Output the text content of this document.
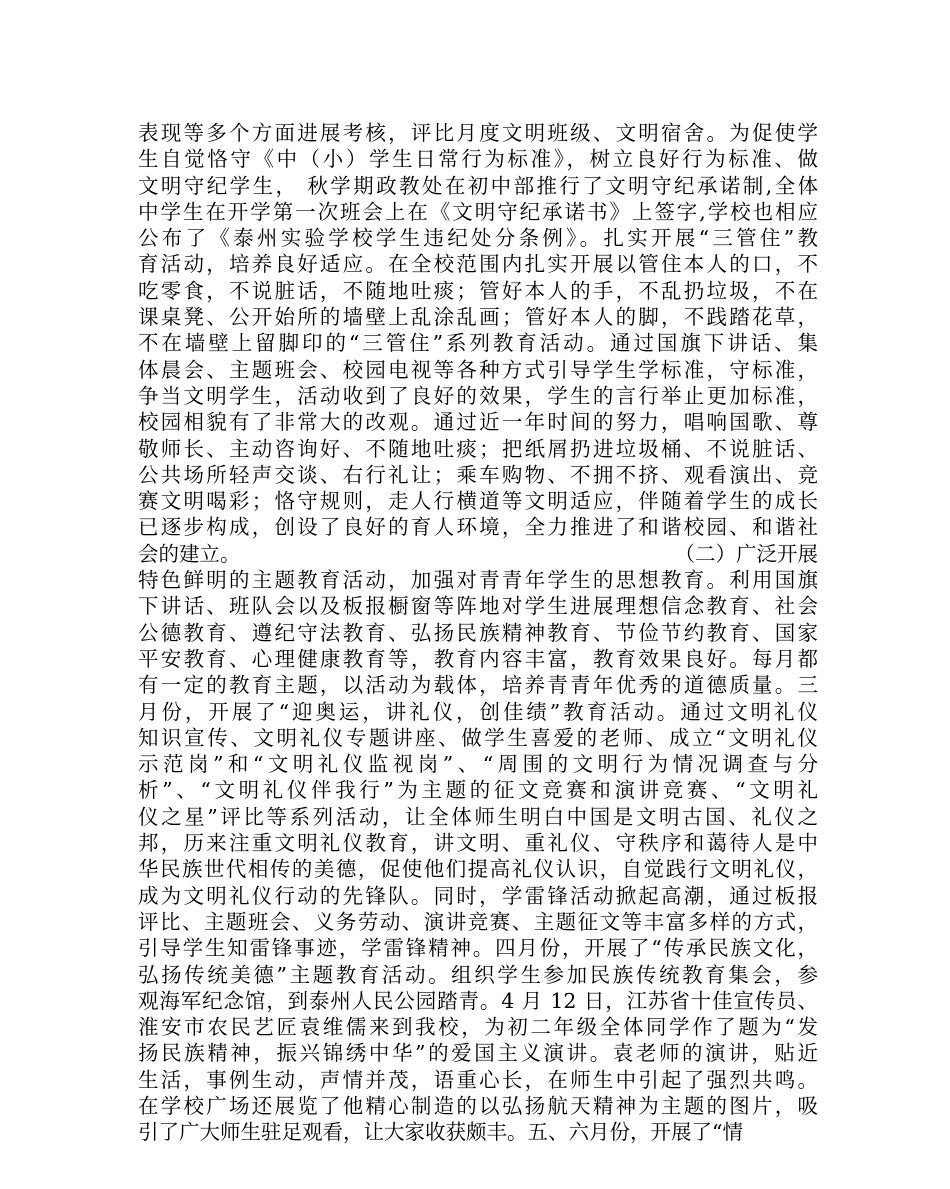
表现等多个方面进展考核，评比月度文明班级、文明宿舍。为促使学
生自觉恪守《中（小）学生日常行为标准》，树立良好行为标准、做
文明守纪学生， 秋学期政教处在初中部推行了文明守纪承诺制,全体
中学生在开学第一次班会上在《文明守纪承诺书》上签字,学校也相应
公布了《泰州实验学校学生违纪处分条例》。扎实开展“三管住”教
育活动，培养良好适应。在全校范围内扎实开展以管住本人的口，不
吃零食，不说脏话，不随地吐痰；管好本人的手，不乱扔垃圾，不在
课桌凳、公开始所的墙壁上乱涂乱画；管好本人的脚，不践踏花草，
不在墙壁上留脚印的“三管住”系列教育活动。通过国旗下讲话、集
体晨会、主题班会、校园电视等各种方式引导学生学标准，守标准，
争当文明学生，活动收到了良好的效果，学生的言行举止更加标准，
校园相貌有了非常大的改观。通过近一年时间的努力，唱响国歌、尊
敬师长、主动咨询好、不随地吐痰；把纸屑扔进垃圾桶、不说脏话、
公共场所轻声交谈、右行礼让；乘车购物、不拥不挤、观看演出、竞
赛文明喝彩；恪守规则，走人行横道等文明适应，伴随着学生的成长
已逐步构成，创设了良好的育人环境，全力推进了和谐校园、和谐社
会的建立。	（二）广泛开展
特色鲜明的主题教育活动，加强对青青年学生的思想教育。利用国旗
下讲话、班队会以及板报橱窗等阵地对学生进展理想信念教育、社会
公德教育、遵纪守法教育、弘扬民族精神教育、节俭节约教育、国家
平安教育、心理健康教育等，教育内容丰富，教育效果良好。每月都
有一定的教育主题，以活动为载体，培养青青年优秀的道德质量。三
月份，开展了“迎奥运，讲礼仪，创佳绩”教育活动。通过文明礼仪
知识宣传、文明礼仪专题讲座、做学生喜爱的老师、成立“文明礼仪
示范岗”和“文明礼仪监视岗”、“周围的文明行为情况调查与分
析”、“文明礼仪伴我行”为主题的征文竞赛和演讲竞赛、“文明礼
仪之星”评比等系列活动，让全体师生明白中国是文明古国、礼仪之
邦，历来注重文明礼仪教育，讲文明、重礼仪、守秩序和蔼待人是中
华民族世代相传的美德，促使他们提高礼仪认识，自觉践行文明礼仪，
成为文明礼仪行动的先锋队。同时，学雷锋活动掀起高潮，通过板报
评比、主题班会、义务劳动、演讲竞赛、主题征文等丰富多样的方式，
引导学生知雷锋事迹，学雷锋精神。四月份，开展了“传承民族文化，
弘扬传统美德”主题教育活动。组织学生参加民族传统教育集会，参
观海军纪念馆，到泰州人民公园踏青。4 月 12 日，江苏省十佳宣传员、
淮安市农民艺匠袁维儒来到我校，为初二年级全体同学作了题为“发
扬民族精神，振兴锦绣中华”的爱国主义演讲。袁老师的演讲，贴近
生活，事例生动，声情并茂，语重心长，在师生中引起了强烈共鸣。
在学校广场还展览了他精心制造的以弘扬航天精神为主题的图片，吸
引了广大师生驻足观看，让大家收获颇丰。五、六月份，开展了“情
